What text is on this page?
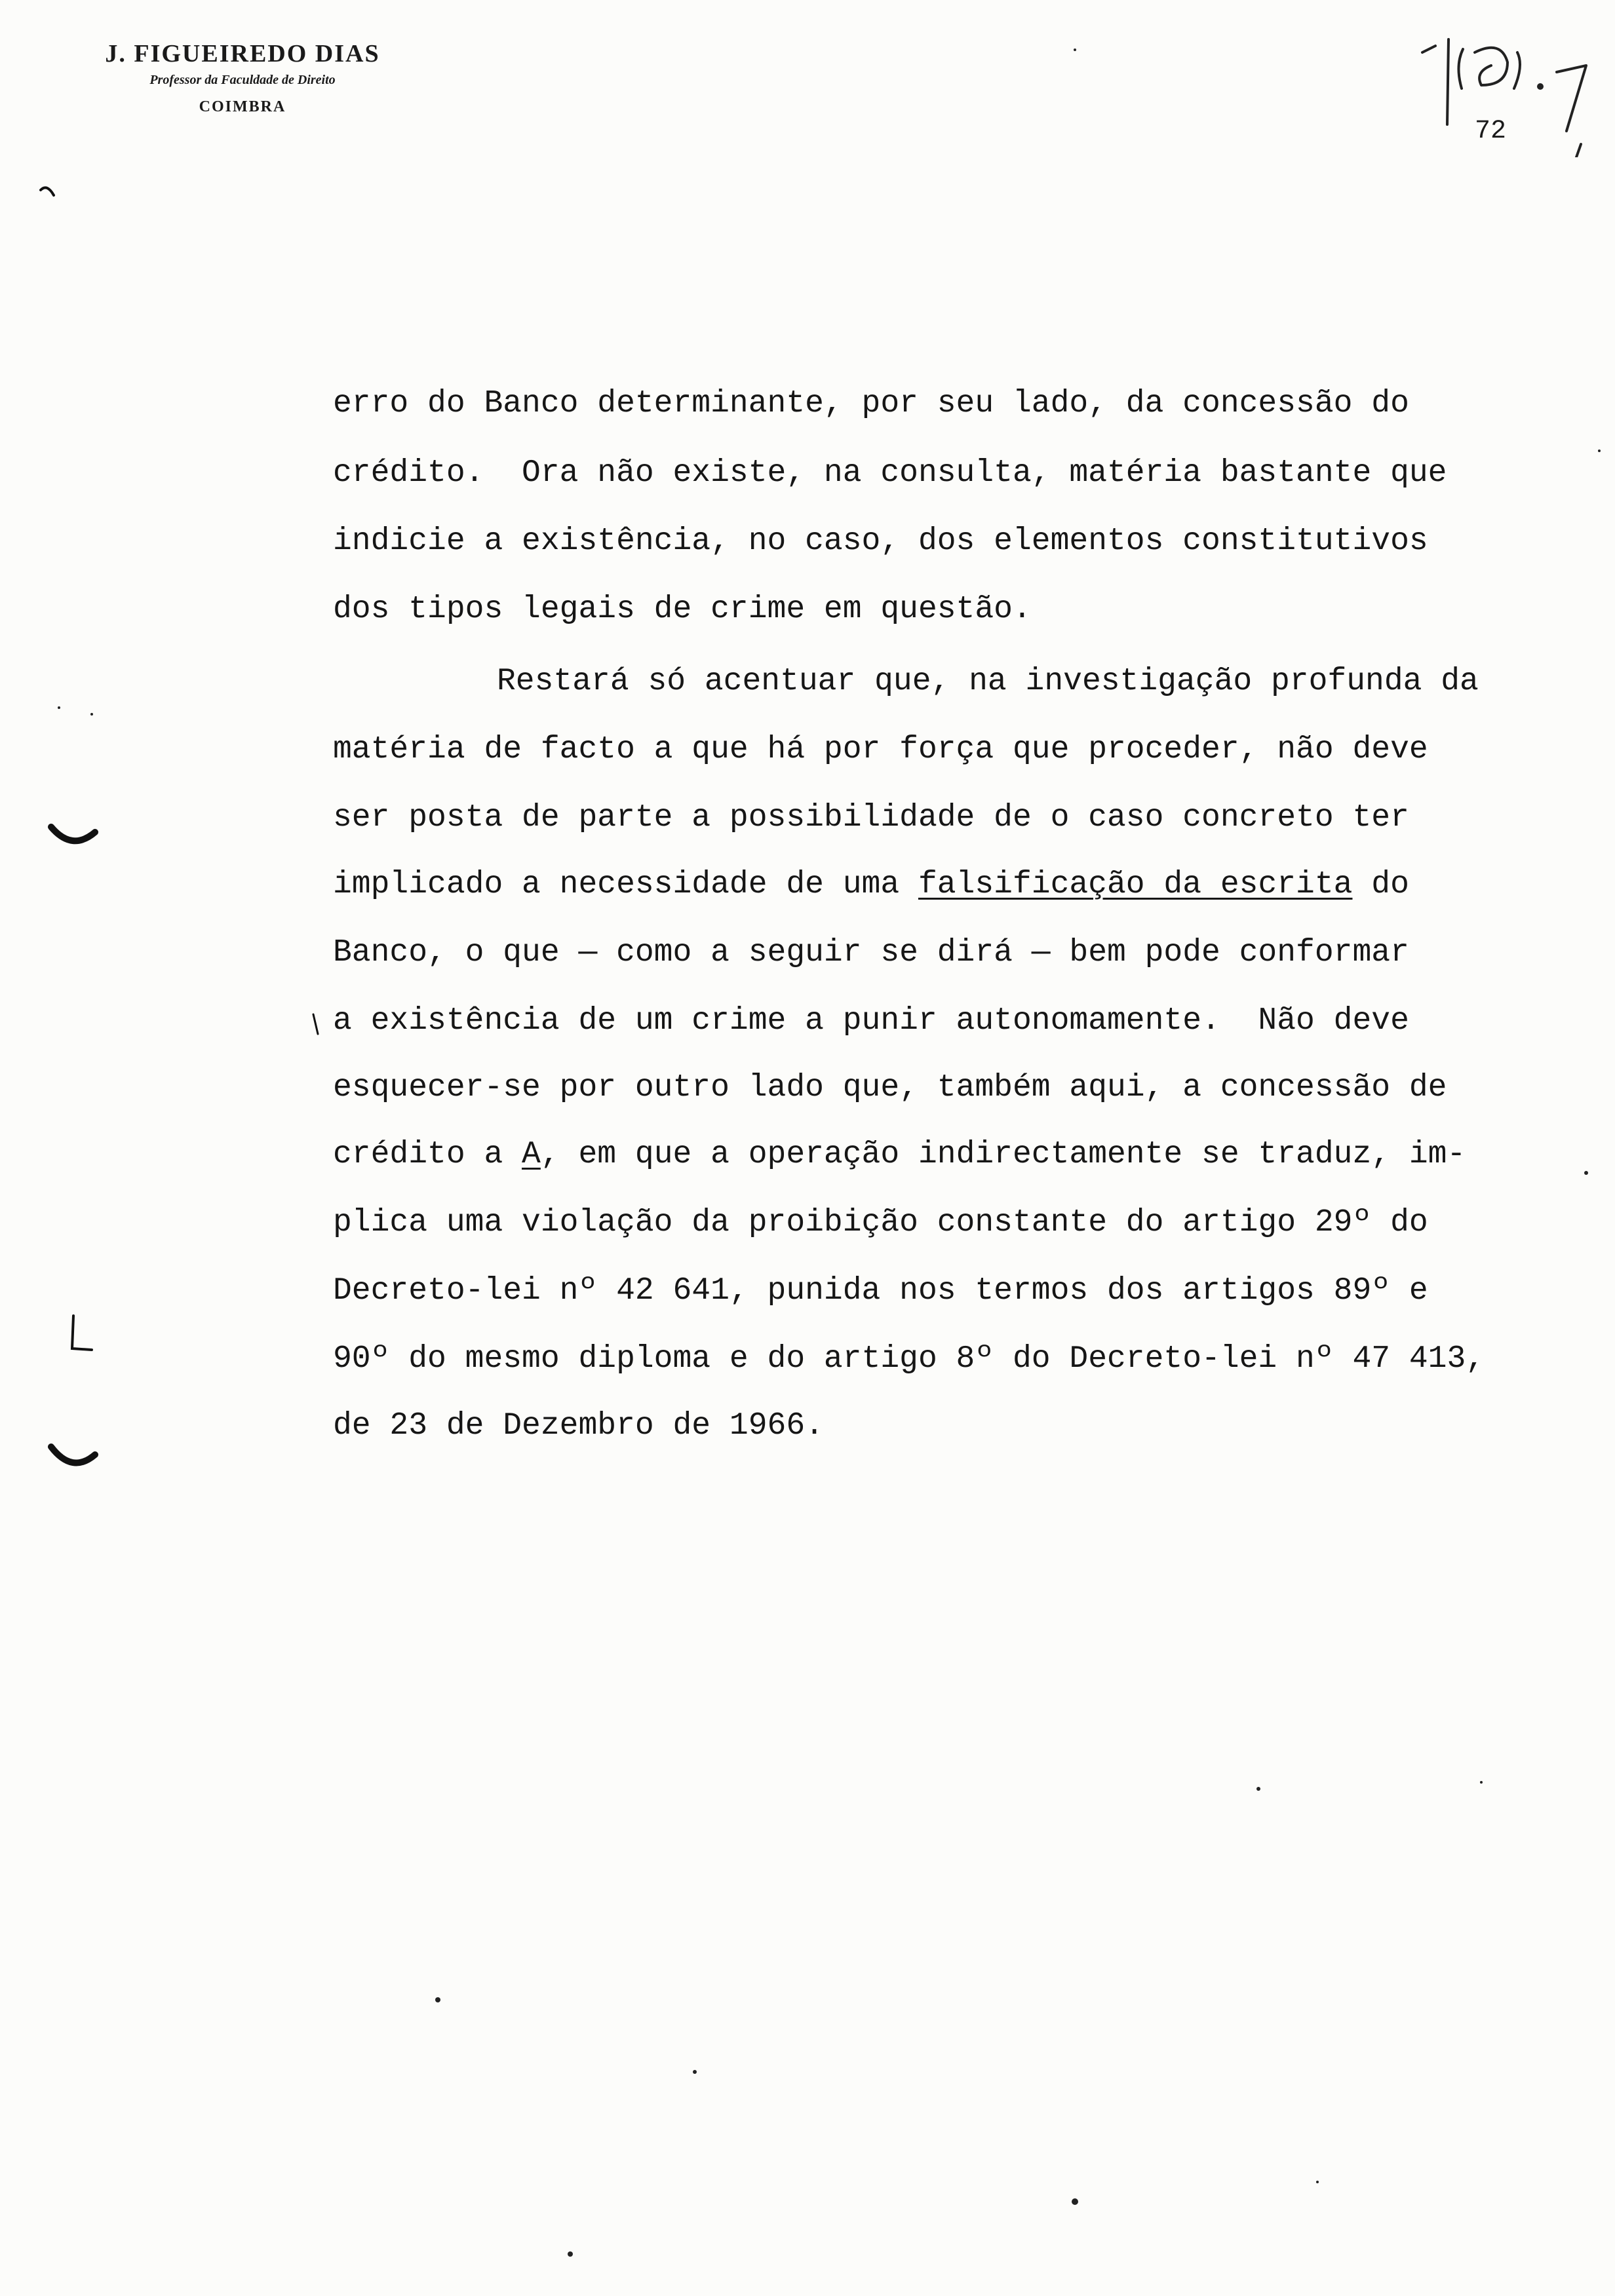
J. FIGUEIREDO DIAS
Professor da Faculdade de Direito
COIMBRA
72
erro do Banco determinante, por seu lado, da concessão do
crédito.  Ora não existe, na consulta, matéria bastante que
indicie a existência, no caso, dos elementos constitutivos
dos tipos legais de crime em questão.
Restará só acentuar que, na investigação profunda da
matéria de facto a que há por força que proceder, não deve
ser posta de parte a possibilidade de o caso concreto ter
implicado a necessidade de uma falsificação da escrita do
Banco, o que — como a seguir se dirá — bem pode conformar
a existência de um crime a punir autonomamente.  Não deve
esquecer-se por outro lado que, também aqui, a concessão de
crédito a A, em que a operação indirectamente se traduz, im-
plica uma violação da proibição constante do artigo 29º do
Decreto-lei nº 42 641, punida nos termos dos artigos 89º e
90º do mesmo diploma e do artigo 8º do Decreto-lei nº 47 413,
de 23 de Dezembro de 1966.
